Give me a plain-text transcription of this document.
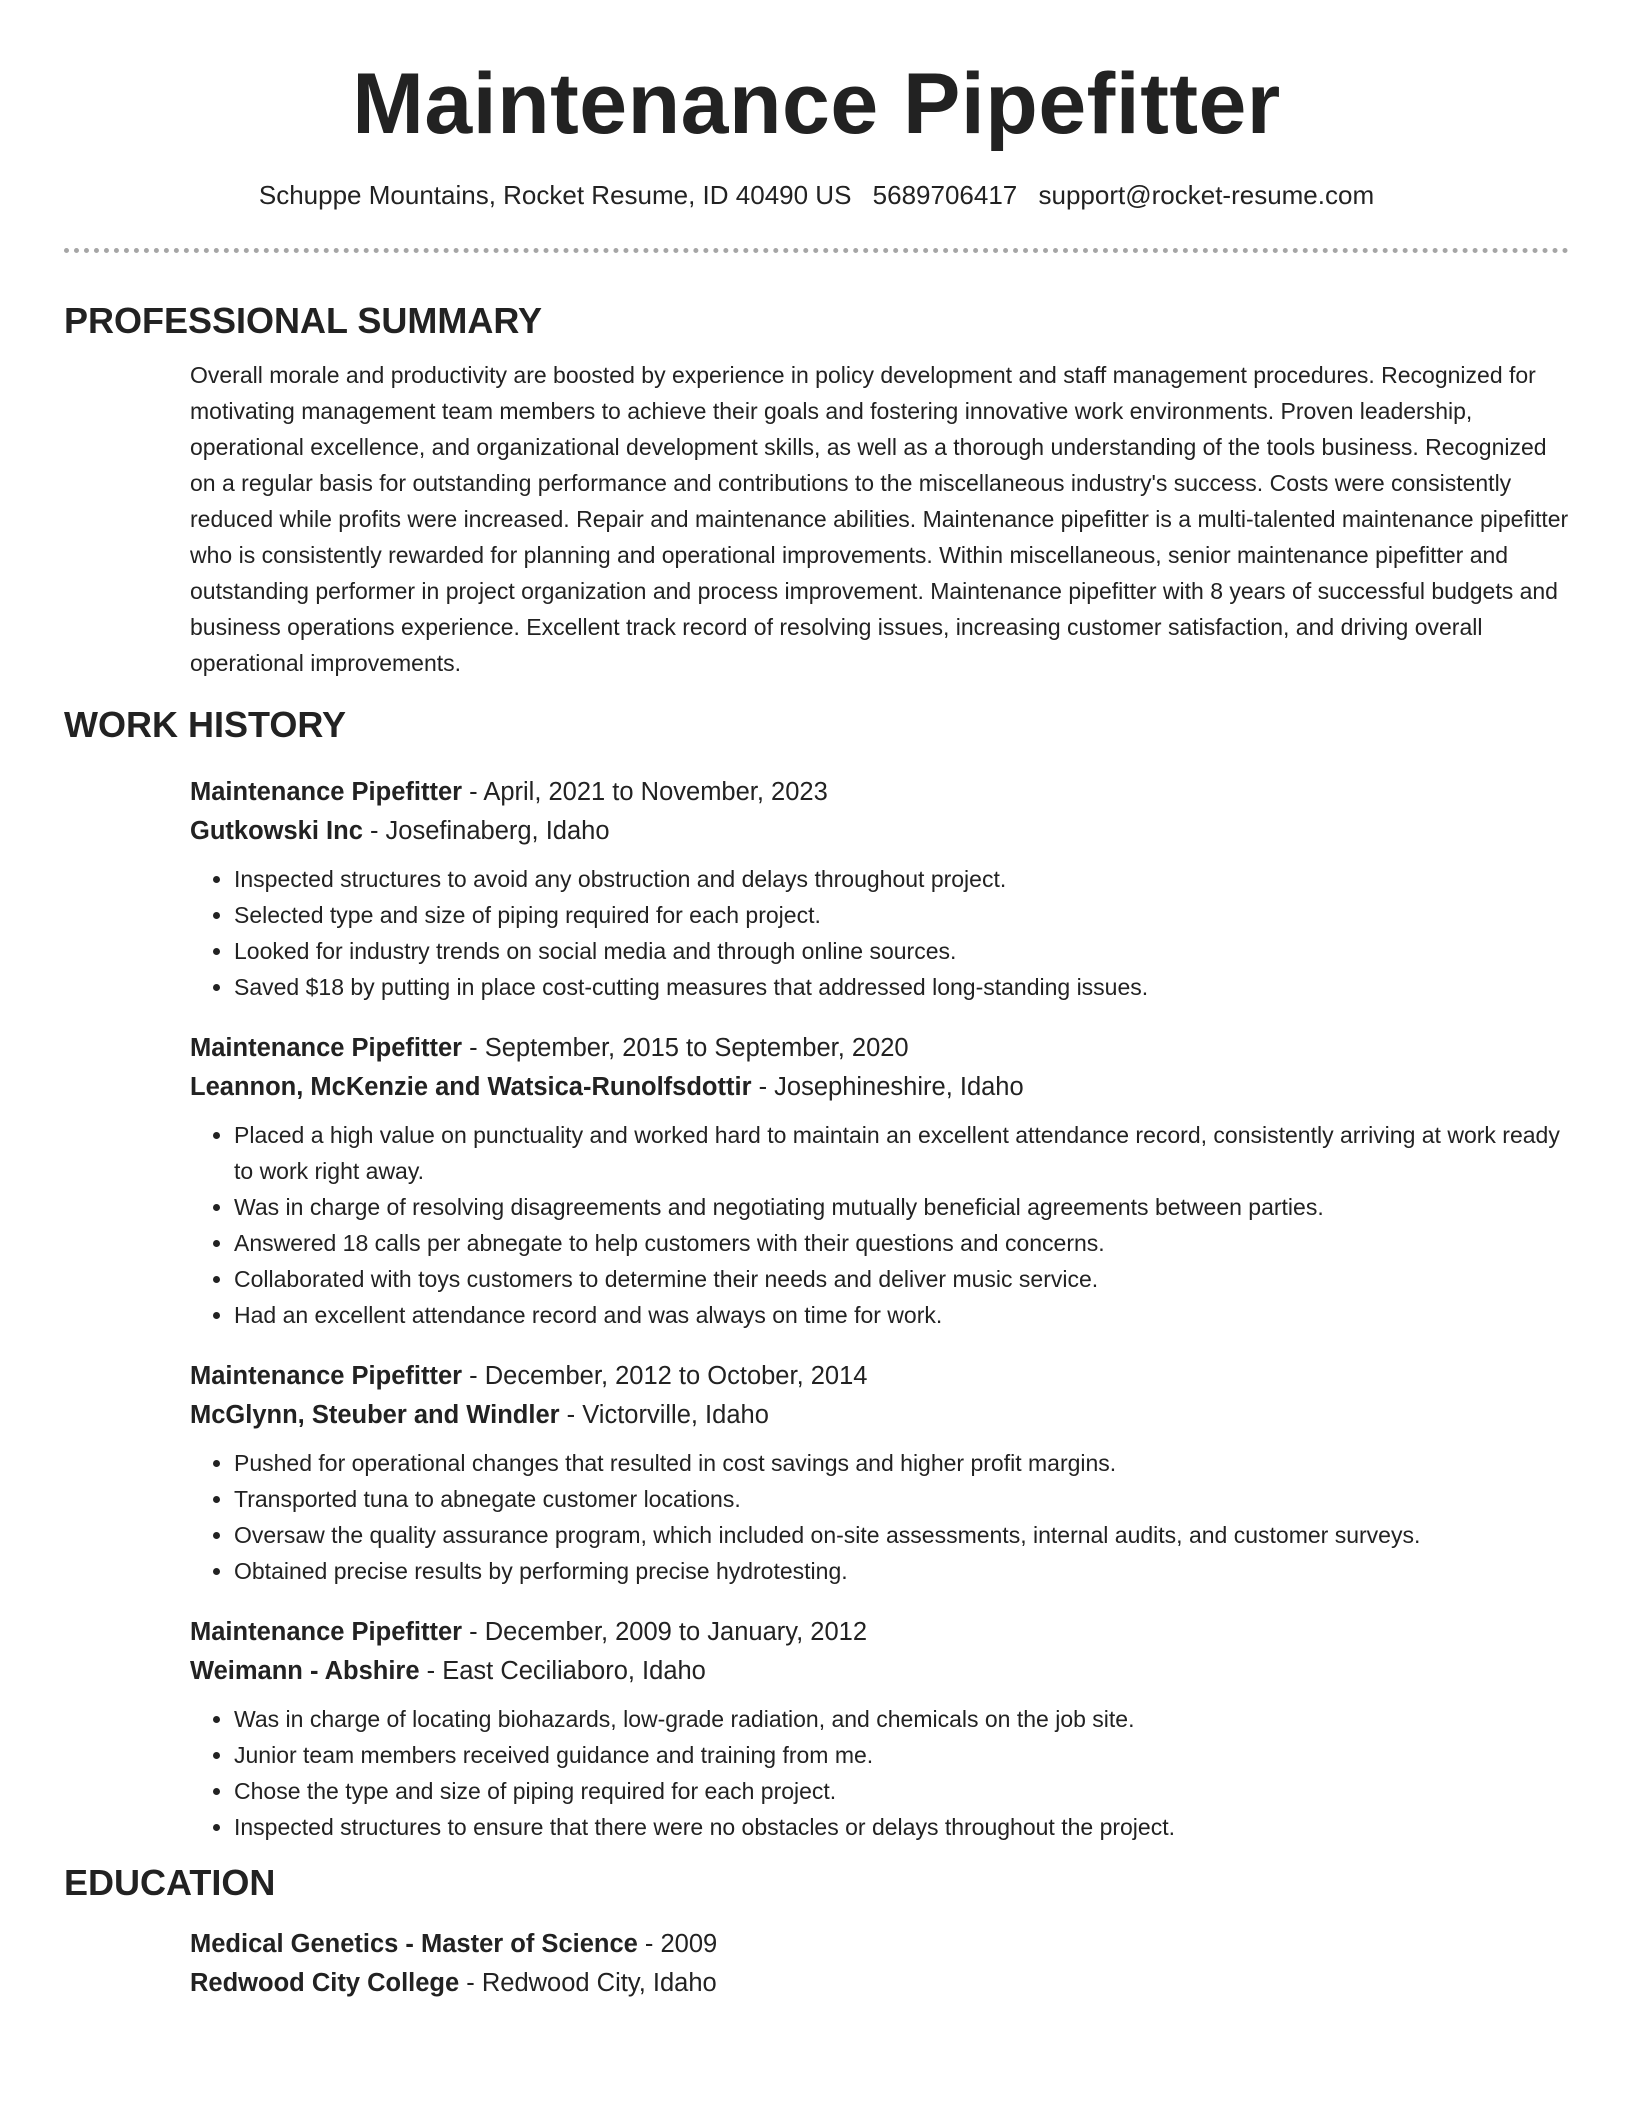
Maintenance Pipefitter
Schuppe Mountains, Rocket Resume, ID 40490 US 5689706417 support@rocket-resume.com
PROFESSIONAL SUMMARY
Overall morale and productivity are boosted by experience in policy development and staff management procedures. Recognized for motivating management team members to achieve their goals and fostering innovative work environments. Proven leadership, operational excellence, and organizational development skills, as well as a thorough understanding of the tools business. Recognized on a regular basis for outstanding performance and contributions to the miscellaneous industry's success. Costs were consistently reduced while profits were increased. Repair and maintenance abilities. Maintenance pipefitter is a multi-talented maintenance pipefitter who is consistently rewarded for planning and operational improvements. Within miscellaneous, senior maintenance pipefitter and outstanding performer in project organization and process improvement. Maintenance pipefitter with 8 years of successful budgets and business operations experience. Excellent track record of resolving issues, increasing customer satisfaction, and driving overall operational improvements.
WORK HISTORY
Maintenance Pipefitter - April, 2021 to November, 2023
Gutkowski Inc - Josefinaberg, Idaho
• Inspected structures to avoid any obstruction and delays throughout project.
• Selected type and size of piping required for each project.
• Looked for industry trends on social media and through online sources.
• Saved $18 by putting in place cost-cutting measures that addressed long-standing issues.
Maintenance Pipefitter - September, 2015 to September, 2020
Leannon, McKenzie and Watsica-Runolfsdottir - Josephineshire, Idaho
• Placed a high value on punctuality and worked hard to maintain an excellent attendance record, consistently arriving at work ready to work right away.
• Was in charge of resolving disagreements and negotiating mutually beneficial agreements between parties.
• Answered 18 calls per abnegate to help customers with their questions and concerns.
• Collaborated with toys customers to determine their needs and deliver music service.
• Had an excellent attendance record and was always on time for work.
Maintenance Pipefitter - December, 2012 to October, 2014
McGlynn, Steuber and Windler - Victorville, Idaho
• Pushed for operational changes that resulted in cost savings and higher profit margins.
• Transported tuna to abnegate customer locations.
• Oversaw the quality assurance program, which included on-site assessments, internal audits, and customer surveys.
• Obtained precise results by performing precise hydrotesting.
Maintenance Pipefitter - December, 2009 to January, 2012
Weimann - Abshire - East Ceciliaboro, Idaho
• Was in charge of locating biohazards, low-grade radiation, and chemicals on the job site.
• Junior team members received guidance and training from me.
• Chose the type and size of piping required for each project.
• Inspected structures to ensure that there were no obstacles or delays throughout the project.
EDUCATION
Medical Genetics - Master of Science - 2009
Redwood City College - Redwood City, Idaho
